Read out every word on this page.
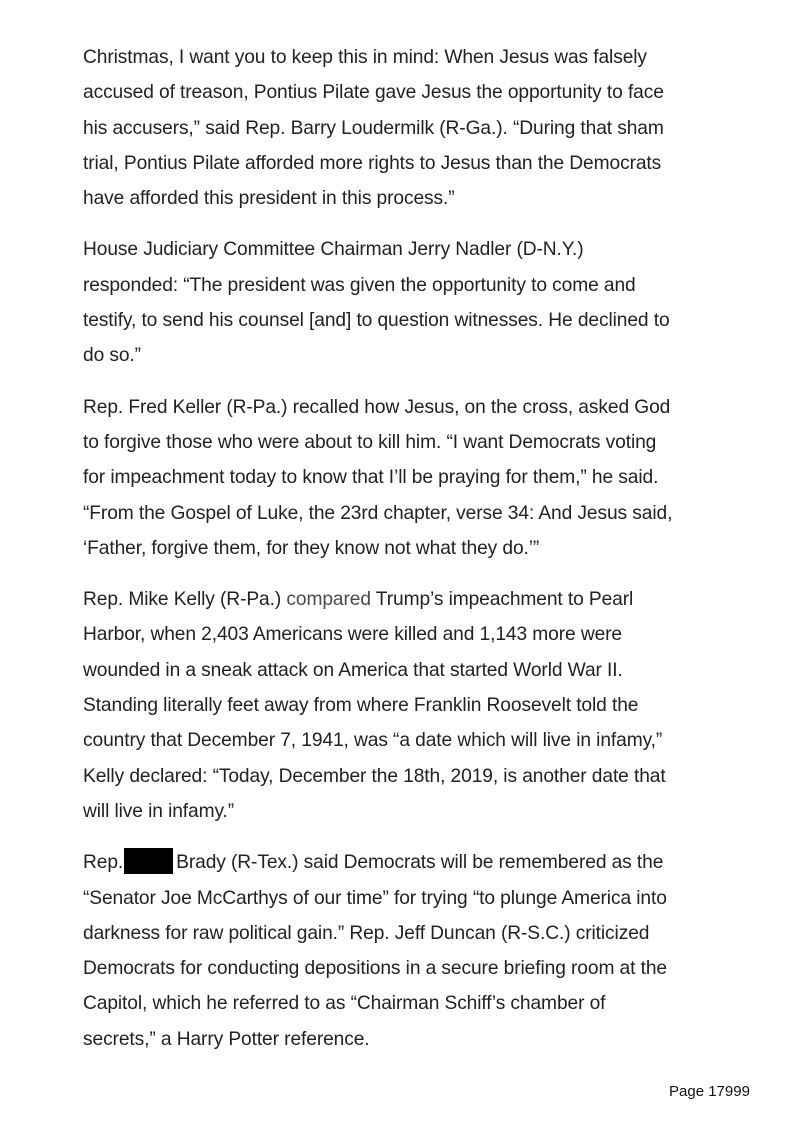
Christmas, I want you to keep this in mind: When Jesus was falsely
accused of treason, Pontius Pilate gave Jesus the opportunity to face
his accusers,” said Rep. Barry Loudermilk (R-Ga.). “During that sham
trial, Pontius Pilate afforded more rights to Jesus than the Democrats
have afforded this president in this process.”

House Judiciary Committee Chairman Jerry Nadler (D-N.Y.)
responded: “The president was given the opportunity to come and
testify, to send his counsel [and] to question witnesses. He declined to
do so.”

Rep. Fred Keller (R-Pa.) recalled how Jesus, on the cross, asked God
to forgive those who were about to kill him. “I want Democrats voting
for impeachment today to know that I’ll be praying for them,” he said.
“From the Gospel of Luke, the 23rd chapter, verse 34: And Jesus said,
‘Father, forgive them, for they know not what they do.’”

Rep. Mike Kelly (R-Pa.) compared Trump’s impeachment to Pearl
Harbor, when 2,403 Americans were killed and 1,143 more were
wounded in a sneak attack on America that started World War II.
Standing literally feet away from where Franklin Roosevelt told the
country that December 7, 1941, was “a date which will live in infamy,”
Kelly declared: “Today, December the 18th, 2019, is another date that
will live in infamy.”

Rep.	Brady (R-Tex.) said Democrats will be remembered as the
“Senator Joe McCarthys of our time” for trying “to plunge America into
darkness for raw political gain.” Rep. Jeff Duncan (R-S.C.) criticized
Democrats for conducting depositions in a secure briefing room at the
Capitol, which he referred to as “Chairman Schiff’s chamber of
secrets,” a Harry Potter reference.

Page 17999
